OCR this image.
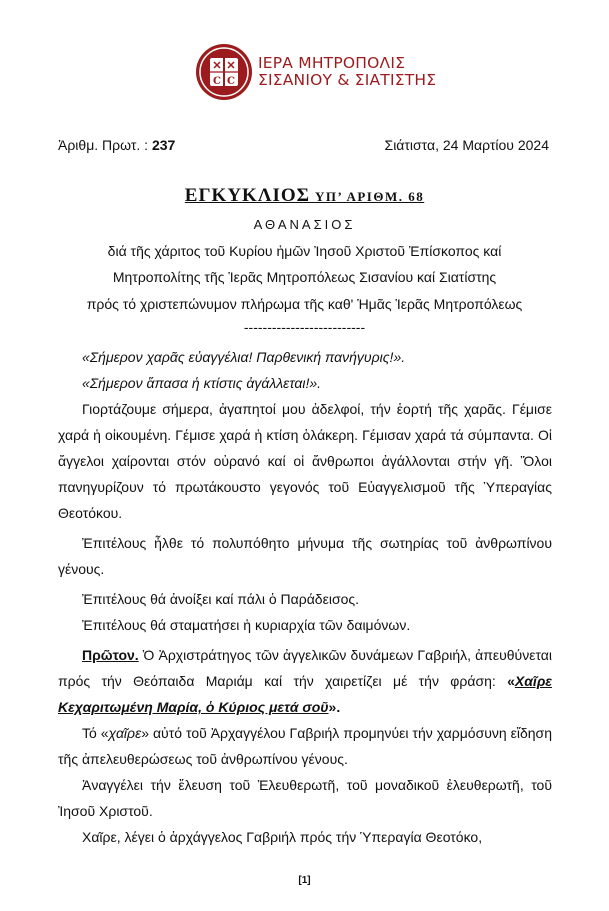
С С
ΙΕΡΑ ΜΗΤΡΟΠΟΛΙΣ
ΣΙΣΑΝΙΟΥ & ΣΙΑΤΙΣΤΗΣ
Ἀριθμ. Πρωτ. : 237	Σιάτιστα, 24 Μαρτίου 2024
ΕΓΚΥΚΛΙΟΣ ΥΠ’ ΑΡΙΘΜ. 68
ΑΘΑΝΑΣΙΟΣ
διά τῆς χάριτος τοῦ Κυρίου ἡμῶν Ἰησοῦ Χριστοῦ Ἐπίσκοπος καί
Μητροπολίτης τῆς Ἱερᾶς Μητροπόλεως Σισανίου καί Σιατίστης
πρός τό χριστεπώνυμον πλήρωμα τῆς καθ' Ἡμᾶς Ἱερᾶς Μητροπόλεως
--------------------------

«Σήμερον χαρᾶς εὐαγγέλια! Παρθενική πανήγυρις!».

«Σήμερον ἅπασα ἡ κτίστις ἀγάλλεται!».

Γιορτάζουμε σήμερα, ἀγαπητοί μου ἀδελφοί, τήν ἑορτή τῆς χαρᾶς. Γέμισε χαρά ἡ οἰκουμένη. Γέμισε χαρά ἡ κτίση ὁλάκερη. Γέμισαν χαρά τά σύμπαντα. Οἱ ἄγγελοι χαίρονται στόν οὐρανό καί οἱ ἄνθρωποι ἀγάλλονται στήν γῆ. Ὅλοι πανηγυρίζουν τό πρωτάκουστο γεγονός τοῦ Εὐαγγελισμοῦ τῆς Ὑπεραγίας Θεοτόκου.

Ἐπιτέλους ἦλθε τό πολυπόθητο μήνυμα τῆς σωτηρίας τοῦ ἀνθρωπίνου γένους.

Ἐπιτέλους θά ἀνοίξει καί πάλι ὁ Παράδεισος.

Ἐπιτέλους θά σταματήσει ἡ κυριαρχία τῶν δαιμόνων.

Πρῶτον. Ὁ Ἀρχιστράτηγος τῶν ἀγγελικῶν δυνάμεων Γαβριήλ, ἀπευθύνεται πρός τήν Θεόπαιδα Μαριάμ καί τήν χαιρετίζει μέ τήν φράση: «Χαῖρε Κεχαριτωμένη Μαρία, ὁ Κύριος μετά σοῦ».

Τό «χαῖρε» αὐτό τοῦ Ἀρχαγγέλου Γαβριήλ προμηνύει τήν χαρμόσυνη εἴδηση τῆς ἀπελευθερώσεως τοῦ ἀνθρωπίνου γένους.

Ἀναγγέλει τήν ἔλευση τοῦ Ἐλευθερωτῆ, τοῦ μοναδικοῦ ἐλευθερωτῆ, τοῦ Ἰησοῦ Χριστοῦ.

Χαῖρε, λέγει ὁ ἀρχάγγελος Γαβριήλ πρός τήν Ὑπεραγία Θεοτόκο,

[1]
